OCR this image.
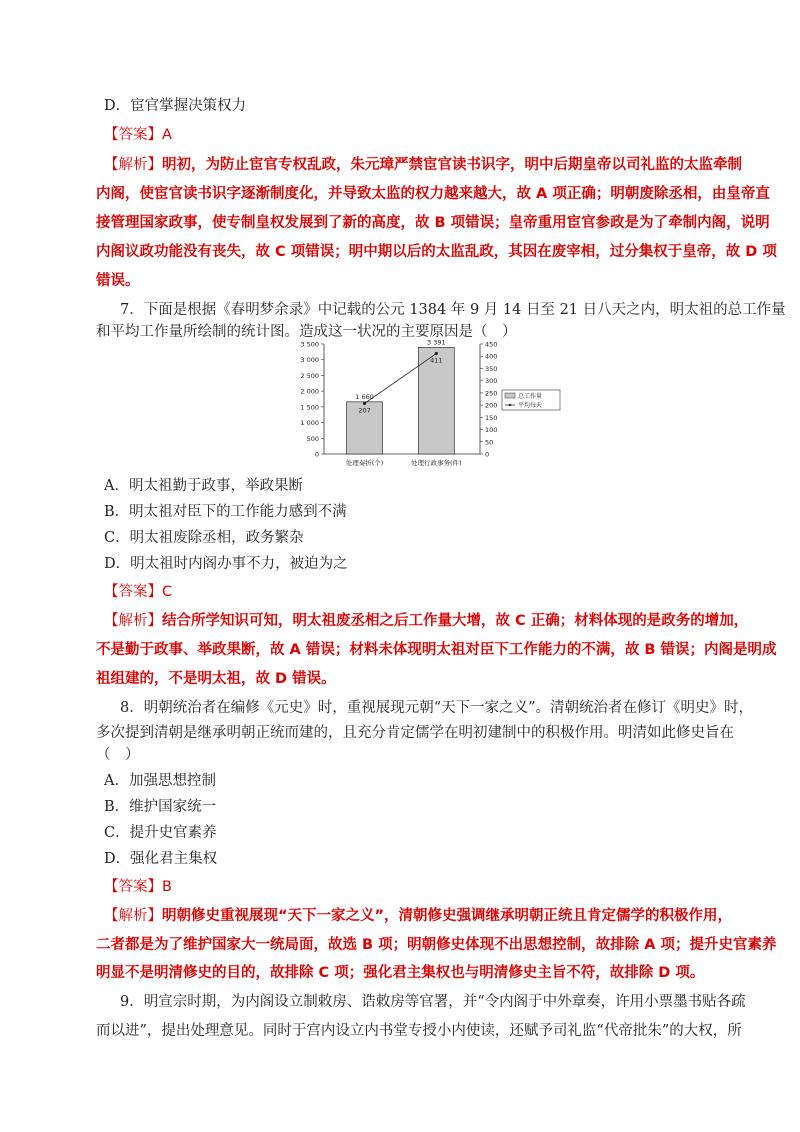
D．宦官掌握决策权力
【答案】A
【解析】明初，为防止宦官专权乱政，朱元璋严禁宦官读书识字，明中后期皇帝以司礼监的太监牵制
内阁，使宦官读书识字逐渐制度化，并导致太监的权力越来越大，故 A 项正确；明朝废除丞相，由皇帝直
接管理国家政事，使专制皇权发展到了新的高度，故 B 项错误；皇帝重用宦官参政是为了牵制内阁，说明
内阁议政功能没有丧失，故 C 项错误；明中期以后的太监乱政，其因在废宰相，过分集权于皇帝，故 D 项
错误。
7．下面是根据《春明梦余录》中记载的公元 1384 年 9 月 14 日至 21 日八天之内，明太祖的总工作量
和平均工作量所绘制的统计图。造成这一状况的主要原因是（　）
0
500
1 000
1 500
2 000
2 500
3 000
3 500
0
50
100
150
200
250
300
350
400
450
1 660
处理奏折(个)
3 391
处理行政事务(件)
207
411
总工作量
平均每天
A．明太祖勤于政事，举政果断
B．明太祖对臣下的工作能力感到不满
C．明太祖废除丞相，政务繁杂
D．明太祖时内阁办事不力，被迫为之
【答案】C
【解析】结合所学知识可知，明太祖废丞相之后工作量大增，故 C 正确；材料体现的是政务的增加，
不是勤于政事、举政果断，故 A 错误；材料未体现明太祖对臣下工作能力的不满，故 B 错误；内阁是明成
祖组建的，不是明太祖，故 D 错误。
8．明朝统治者在编修《元史》时，重视展现元朝“天下一家之义”。清朝统治者在修订《明史》时，
多次提到清朝是继承明朝正统而建的，且充分肯定儒学在明初建制中的积极作用。明清如此修史旨在
（　）
A．加强思想控制
B．维护国家统一
C．提升史官素养
D．强化君主集权
【答案】B
【解析】明朝修史重视展现“天下一家之义”，清朝修史强调继承明朝正统且肯定儒学的积极作用，
二者都是为了维护国家大一统局面，故选 B 项；明朝修史体现不出思想控制，故排除 A 项；提升史官素养
明显不是明清修史的目的，故排除 C 项；强化君主集权也与明清修史主旨不符，故排除 D 项。
9．明宣宗时期，为内阁设立制敕房、诰敕房等官署，并“令内阁于中外章奏，许用小票墨书贴各疏
而以进”，提出处理意见。同时于宫内设立内书堂专授小内使读，还赋予司礼监“代帝批朱”的大权，所
